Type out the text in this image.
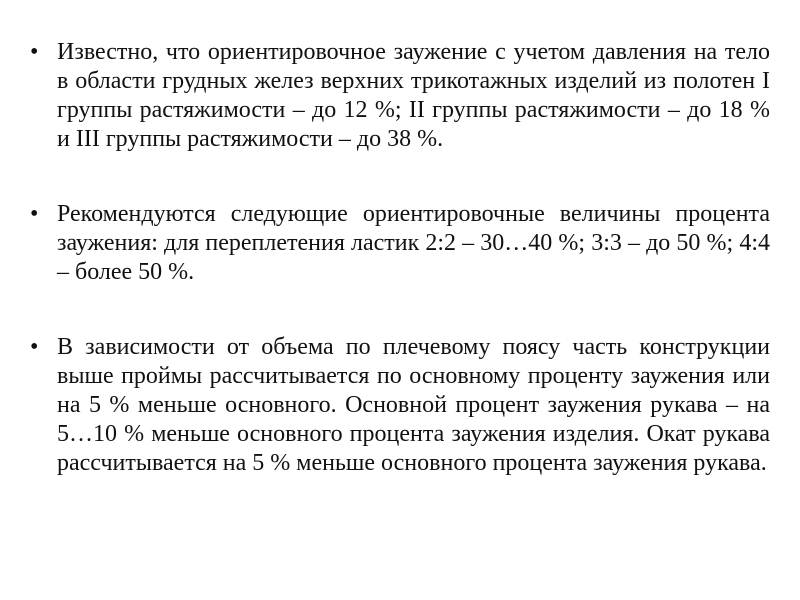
• Известно, что ориентировочное заужение с учетом давления на тело в области грудных желез верхних трикотажных изделий из полотен I группы растяжимости – до 12 %; II группы растяжимости – до 18 % и III группы растяжимости – до 38 %.
• Рекомендуются следующие ориентировочные величины процента заужения: для переплетения ластик 2:2 – 30…40 %; 3:3 – до 50 %; 4:4 – более 50 %.
• В зависимости от объема по плечевому поясу часть конструкции выше проймы рассчитывается по основному проценту заужения или на 5 % меньше основного. Основной процент заужения рукава – на 5…10 % меньше основного процента заужения изделия. Окат рукава рассчитывается на 5 % меньше основного процента заужения рукава.
